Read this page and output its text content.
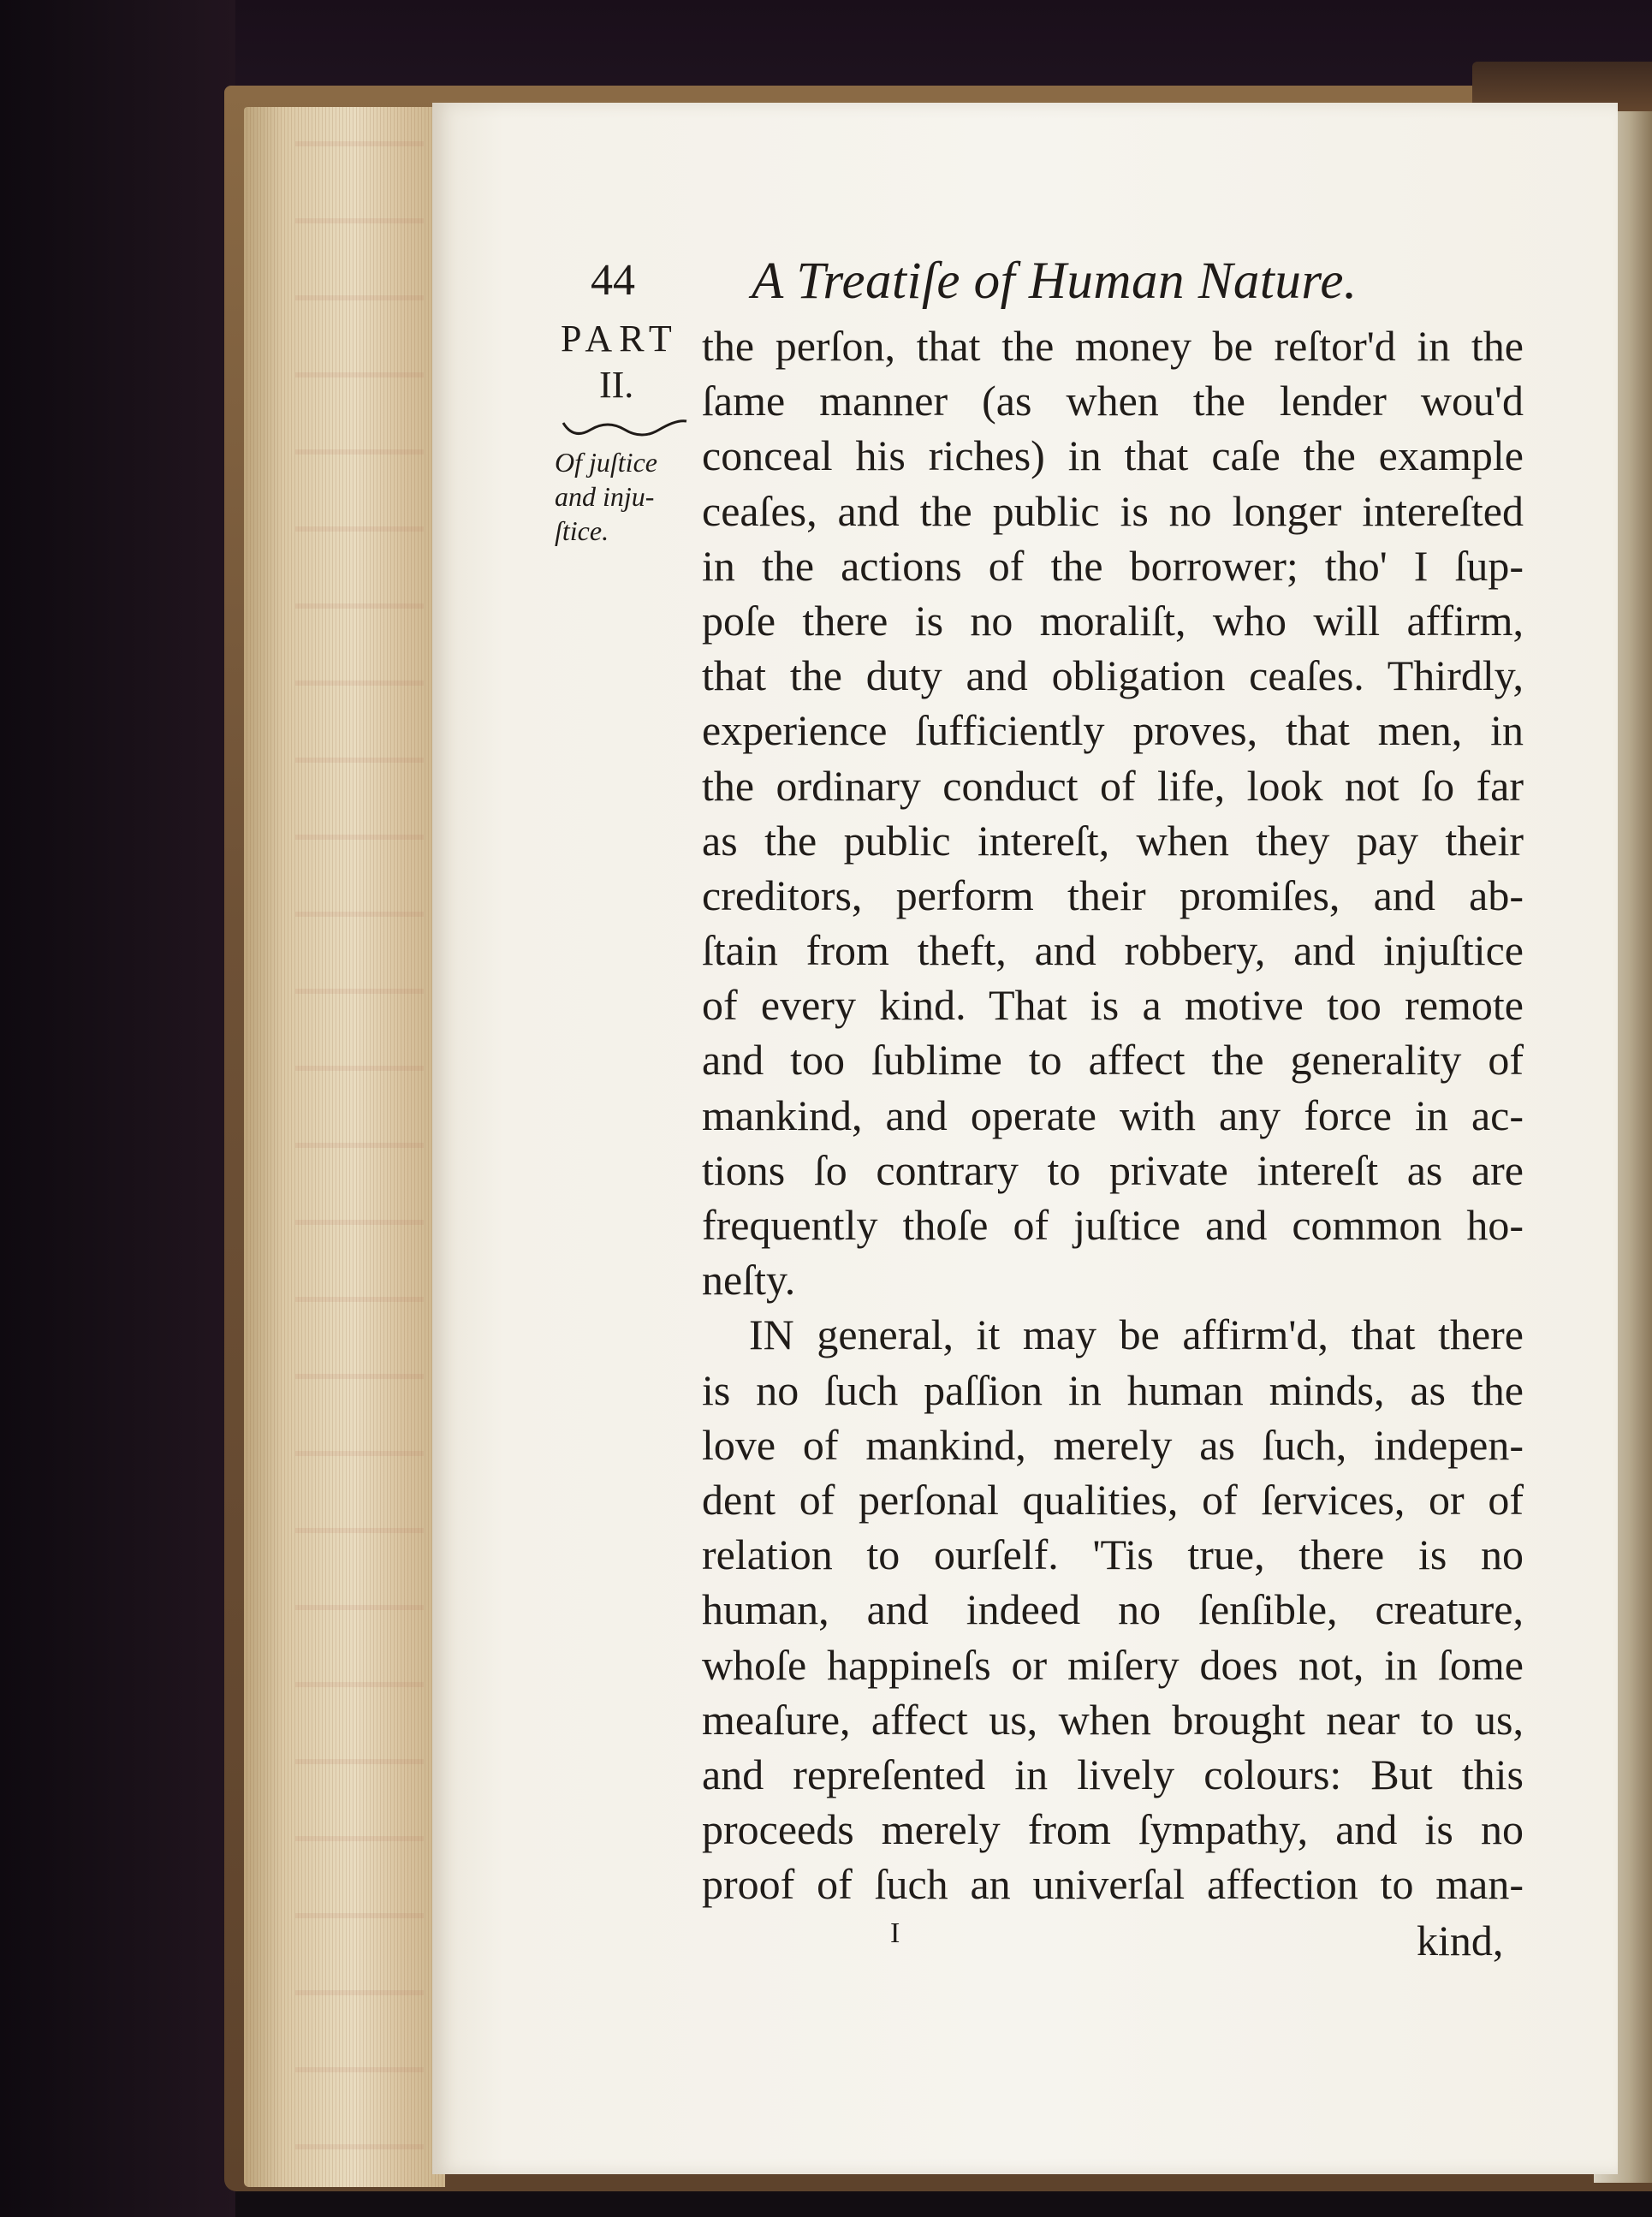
44 A Treatiſe of Human Nature.
PART
II.
Of juſtice
and inju-
ſtice.
the perſon, that the money be reſtor'd in the
ſame manner (as when the lender wou'd
conceal his riches) in that caſe the example
ceaſes, and the public is no longer intereſted
in the actions of the borrower; tho' I ſup-
poſe there is no moraliſt, who will affirm,
that the duty and obligation ceaſes. Thirdly,
experience ſufficiently proves, that men, in
the ordinary conduct of life, look not ſo far
as the public intereſt, when they pay their
creditors, perform their promiſes, and ab-
ſtain from theft, and robbery, and injuſtice
of every kind. That is a motive too remote
and too ſublime to affect the generality of
mankind, and operate with any force in ac-
tions ſo contrary to private intereſt as are
frequently thoſe of juſtice and common ho-
neſty.
IN general, it may be affirm'd, that there
is no ſuch paſſion in human minds, as the
love of mankind, merely as ſuch, indepen-
dent of perſonal qualities, of ſervices, or of
relation to ourſelf. 'Tis true, there is no
human, and indeed no ſenſible, creature,
whoſe happineſs or miſery does not, in ſome
meaſure, affect us, when brought near to us,
and repreſented in lively colours: But this
proceeds merely from ſympathy, and is no
proof of ſuch an univerſal affection to man-
I	kind,
